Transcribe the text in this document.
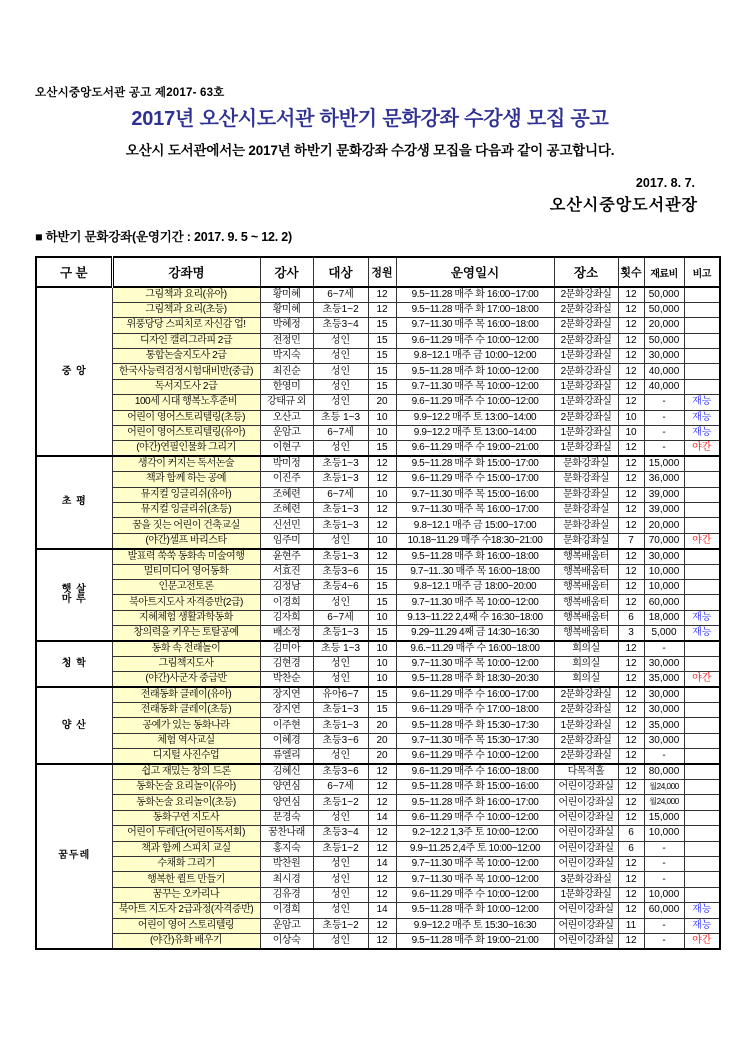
오산시중앙도서관 공고 제2017- 63호
2017년 오산시도서관 하반기 문화강좌 수강생 모집 공고
오산시 도서관에서는 2017년 하반기 문화강좌 수강생 모집을 다음과 같이 공고합니다.
2017. 8. 7.
오산시중앙도서관장
■ 하반기 문화강좌(운영기간 : 2017. 9. 5 ~ 12. 2)
구 분	강좌명	강사	대상	정원	운영일시	장소	횟수	재료비	비고
중 앙	그림책과 요리(유아)	황미혜	6~7세	12	9.5~11.28 매주 화 16:00~17:00	2문화강좌실	12	50,000	
	그림책과 요리(초등)	황미혜	초등1~2	12	9.5~11.28 매주 화 17:00~18:00	2문화강좌실	12	50,000	
	위풍당당 스피치로 자신감 업!	박혜정	초등3~4	15	9.7~11.30 매주 목 16:00~18:00	2문화강좌실	12	20,000	
	디자인 캘리그라피 2급	전정민	성인	15	9.6~11.29 매주 수 10:00~12:00	2문화강좌실	12	50,000	
	통합논술지도사 2급	박지숙	성인	15	9.8~12.1 매주 금 10:00~12:00	1문화강좌실	12	30,000	
	한국사능력검정시험대비반(중급)	최진순	성인	15	9.5~11.28 매주 화 10:00~12:00	2문화강좌실	12	40,000	
	독서지도사 2급	한영미	성인	15	9.7~11.30 매주 목 10:00~12:00	1문화강좌실	12	40,000	
	100세 시대 행복노후준비	강태규 외	성인	20	9.6~11.29 매주 수 10:00~12:00	1문화강좌실	12	-	재능
	어린이 영어스토리텔링(초등)	오산고	초등 1~3	10	9.9~12.2 매주 토 13:00~14:00	2문화강좌실	10	-	재능
	어린이 영어스토리텔링(유아)	운암고	6~7세	10	9.9~12.2 매주 토 13:00~14:00	1문화강좌실	10	-	재능
	(야간)연필인물화 그리기	이현구	성인	15	9.6~11.29 매주 수 19:00~21:00	1문화강좌실	12	-	야간
초 평	생각이 커지는 독서논술	박미정	초등1~3	12	9.5~11.28 매주 화 15:00~17:00	문화강좌실	12	15,000	
	책과 함께 하는 공예	이진주	초등1~3	12	9.6~11.29 매주 수 15:00~17:00	문화강좌실	12	36,000	
	뮤지컬 잉글리쉬(유아)	조혜련	6~7세	10	9.7~11.30 매주 목 15:00~16:00	문화강좌실	12	39,000	
	뮤지컬 잉글리쉬(초등)	조혜련	초등1~3	12	9.7~11.30 매주 목 16:00~17:00	문화강좌실	12	39,000	
	꿈을 짓는 어린이 건축교실	신선민	초등1~3	12	9.8~12.1 매주 금 15:00~17:00	문화강좌실	12	20,000	
	(야간)셀프 바리스타	임주미	성인	10	10.18~11.29 매주 수18:30~21:00	문화강좌실	7	70,000	야간
햇 살
마 루	발표력 쑥쑥 동화속 미술여행	윤현주	초등1~3	12	9.5~11.28 매주 화 16:00~18:00	행복배움터	12	30,000	
	멀티미디어 영어동화	서효진	초등3~6	15	9.7~11..30 매주 목 16:00~18:00	행복배움터	12	10,000	
	인문고전토론	김정남	초등4~6	15	9.8~12.1 매주 금 18:00~20:00	행복배움터	12	10,000	
	북아트지도사 자격증반(2급)	이경희	성인	15	9.7~11.30 매주 목 10:00~12:00	행복배움터	12	60,000	
	지혜체험 생활과학동화	김자희	6~7세	10	9.13~11.22 2,4째 수 16:30~18:00	행복배움터	6	18,000	재능
	창의력을 키우는 토탈공예	배소정	초등1~3	15	9.29~11.29 4째 금 14:30~16:30	행복배움터	3	5,000	재능
청 학	동화 속 전래놀이	김미아	초등 1~3	10	9.6.~11.29 매주 수 16:00~18:00	회의실	12	-	
	그림책지도사	김현경	성인	10	9.7~11.30 매주 목 10:00~12:00	회의실	12	30,000	
	(야간)사군자 중급반	박찬순	성인	10	9.5~11.28 매주 화 18:30~20:30	회의실	12	35,000	야간
양 산	전래동화 클레이(유아)	장지연	유아6~7	15	9.6~11.29 매주 수 16:00~17:00	2문화강좌실	12	30,000	
	전래동화 클레이(초등)	장지연	초등1~3	15	9.6~11.29 매주 수 17:00~18:00	2문화강좌실	12	30,000	
	공예가 있는 동화나라	이주현	초등1~3	20	9.5~11.28 매주 화 15:30~17:30	1문화강좌실	12	35,000	
	체험 역사교실	이혜경	초등3~6	20	9.7~11.30 매주 목 15:30~17:30	2문화강좌실	12	30,000	
	디지털 사진수업	류엘리	성인	20	9.6~11.29 매주 수 10:00~12:00	2문화강좌실	12	-	
꿈두레	쉽고 재밌는 창의 드론	김혜신	초등3~6	12	9.6~11.29 매주 수 16:00~18:00	다목적홀	12	80,000	
	동화논술 요리놀이(유아)	양연심	6~7세	12	9.5~11.28 매주 화 15:00~16:00	어린이강좌실	12	월24,000	
	동화논술 요리놀이(초등)	양연심	초등1~2	12	9.5~11.28 매주 화 16:00~17:00	어린이강좌실	12	월24,000	
	동화구연 지도사	문경숙	성인	14	9.6~11.29 매주 수 10:00~12:00	어린이강좌실	12	15,000	
	어린이 두레단(어린이독서회)	꿈찬나래	초등3~4	12	9.2~12.2 1,3주 토 10:00~12:00	어린이강좌실	6	10,000	
	책과 함께 스피치 교실	홍지숙	초등1~2	12	9.9~11.25 2,4주 토 10:00~12:00	어린이강좌실	6	-	
	수채화 그리기	박찬원	성인	14	9.7~11.30 매주 목 10:00~12:00	어린이강좌실	12	-	
	행복한 퀼트 만들기	최시경	성인	12	9.7~11.30 매주 목 10:00~12:00	3문화강좌실	12	-	
	꿈꾸는 오카리나	김유경	성인	12	9.6~11.29 매주 수 10:00~12:00	1문화강좌실	12	10,000	
	북아트 지도자 2급과정(자격증반)	이경희	성인	14	9.5~11.28 매주 화 10:00~12:00	어린이강좌실	12	60,000	재능
	어린이 영어 스토리텔링	운암고	초등1~2	12	9.9~12.2 매주 토 15:30~16:30	어린이강좌실	11	-	재능
	(야간)유화 배우기	이상숙	성인	12	9.5~11.28 매주 화 19:00~21:00	어린이강좌실	12	-	야간
